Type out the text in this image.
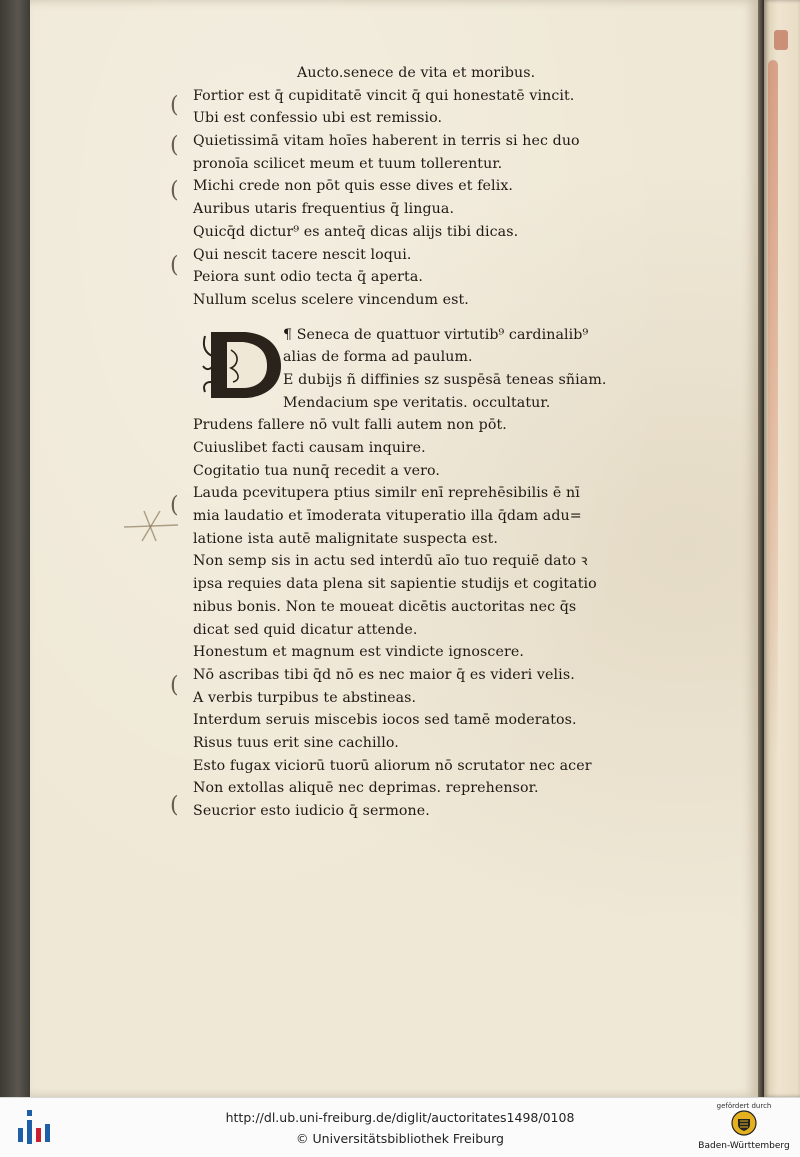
(
(
(
(
(
(
(
Aucto.senece de vita et moribus.
Fortior est q̄ cupiditatē vincit q̄ qui honestatē vincit.
Ubi est confessio ubi est remissio.
Quietissimā vitam hoīes haberent in terris si hec duo
pronoīa scilicet meum et tuum tollerentur.
Michi crede non pōt quis esse dives et felix.
Auribus utaris frequentius q̄ lingua.
Quicq̄d dictur⁹ es anteq̄ dicas alijs tibi dicas.
Qui nescit tacere nescit loqui.
Peiora sunt odio tecta q̄ aperta.
Nullum scelus scelere vincendum est.
D
¶ Seneca de quattuor virtutib⁹ cardinalib⁹
alias de forma ad paulum.
E dubijs ñ diffinies sz suspēsā teneas sñiam.
Mendacium spe veritatis. occultatur.
Prudens fallere nō vult falli autem non pōt.
Cuiuslibet facti causam inquire.
Cogitatio tua nunq̄ recedit a vero.
Lauda pcevitupera ptius similr enī reprehēsibilis ē nī
mia laudatio et īmoderata vituperatio illa q̄dam adu=
latione ista autē malignitate suspecta est.
Non semp sis in actu sed interdū aīo tuo requiē dato ꝛ
ipsa requies data plena sit sapientie studijs et cogitatio
nibus bonis. Non te moueat dicētis auctoritas nec q̄s
dicat sed quid dicatur attende.
Honestum et magnum est vindicte ignoscere.
Nō ascribas tibi q̄d nō es nec maior q̄ es videri velis.
A verbis turpibus te abstineas.
Interdum seruis miscebis iocos sed tamē moderatos.
Risus tuus erit sine cachillo.
Esto fugax viciorū tuorū aliorum nō scrutator nec acer
Non extollas aliquē nec deprimas. reprehensor.
Seucrior esto iudicio q̄ sermone.
http://dl.ub.uni-freiburg.de/diglit/auctoritates1498/0108
© Universitätsbibliothek Freiburg
gefördert durch
Baden-Württemberg
